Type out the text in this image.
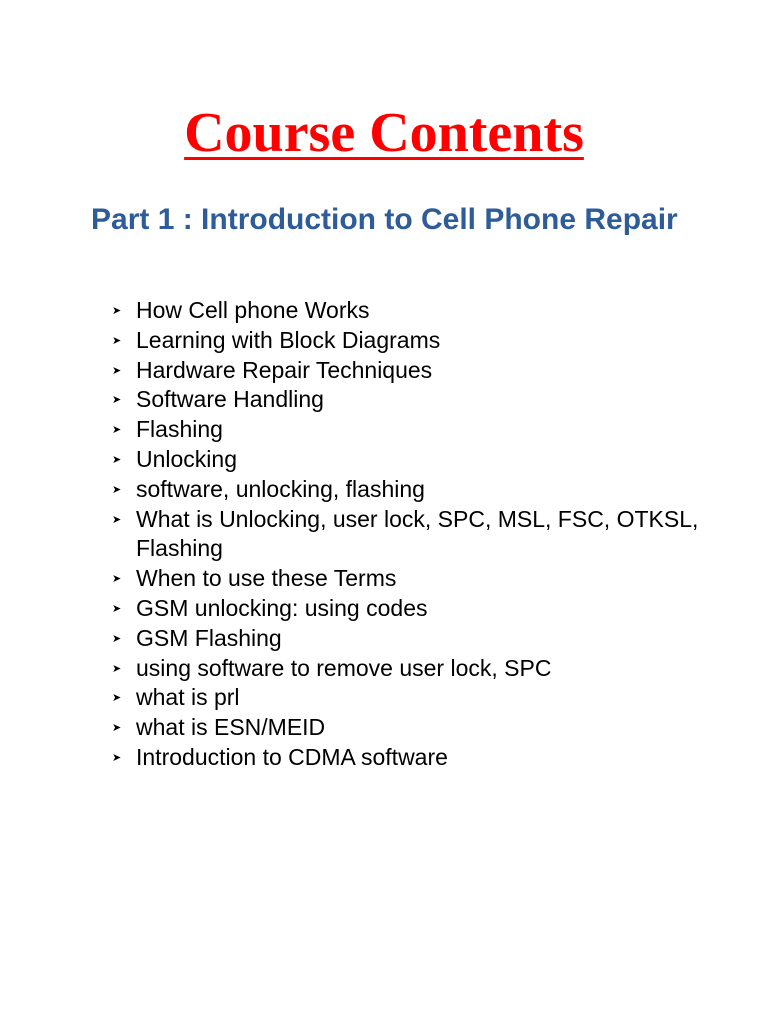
Course Contents
Part 1 : Introduction to Cell Phone Repair
➤ How Cell phone Works
➤ Learning with Block Diagrams
➤ Hardware Repair Techniques
➤ Software Handling
➤ Flashing
➤ Unlocking
➤ software, unlocking, flashing
➤ What is Unlocking, user lock, SPC, MSL, FSC, OTKSL, Flashing
➤ When to use these Terms
➤ GSM unlocking: using codes
➤ GSM Flashing
➤ using software to remove user lock, SPC
➤ what is prl
➤ what is ESN/MEID
➤ Introduction to CDMA software
